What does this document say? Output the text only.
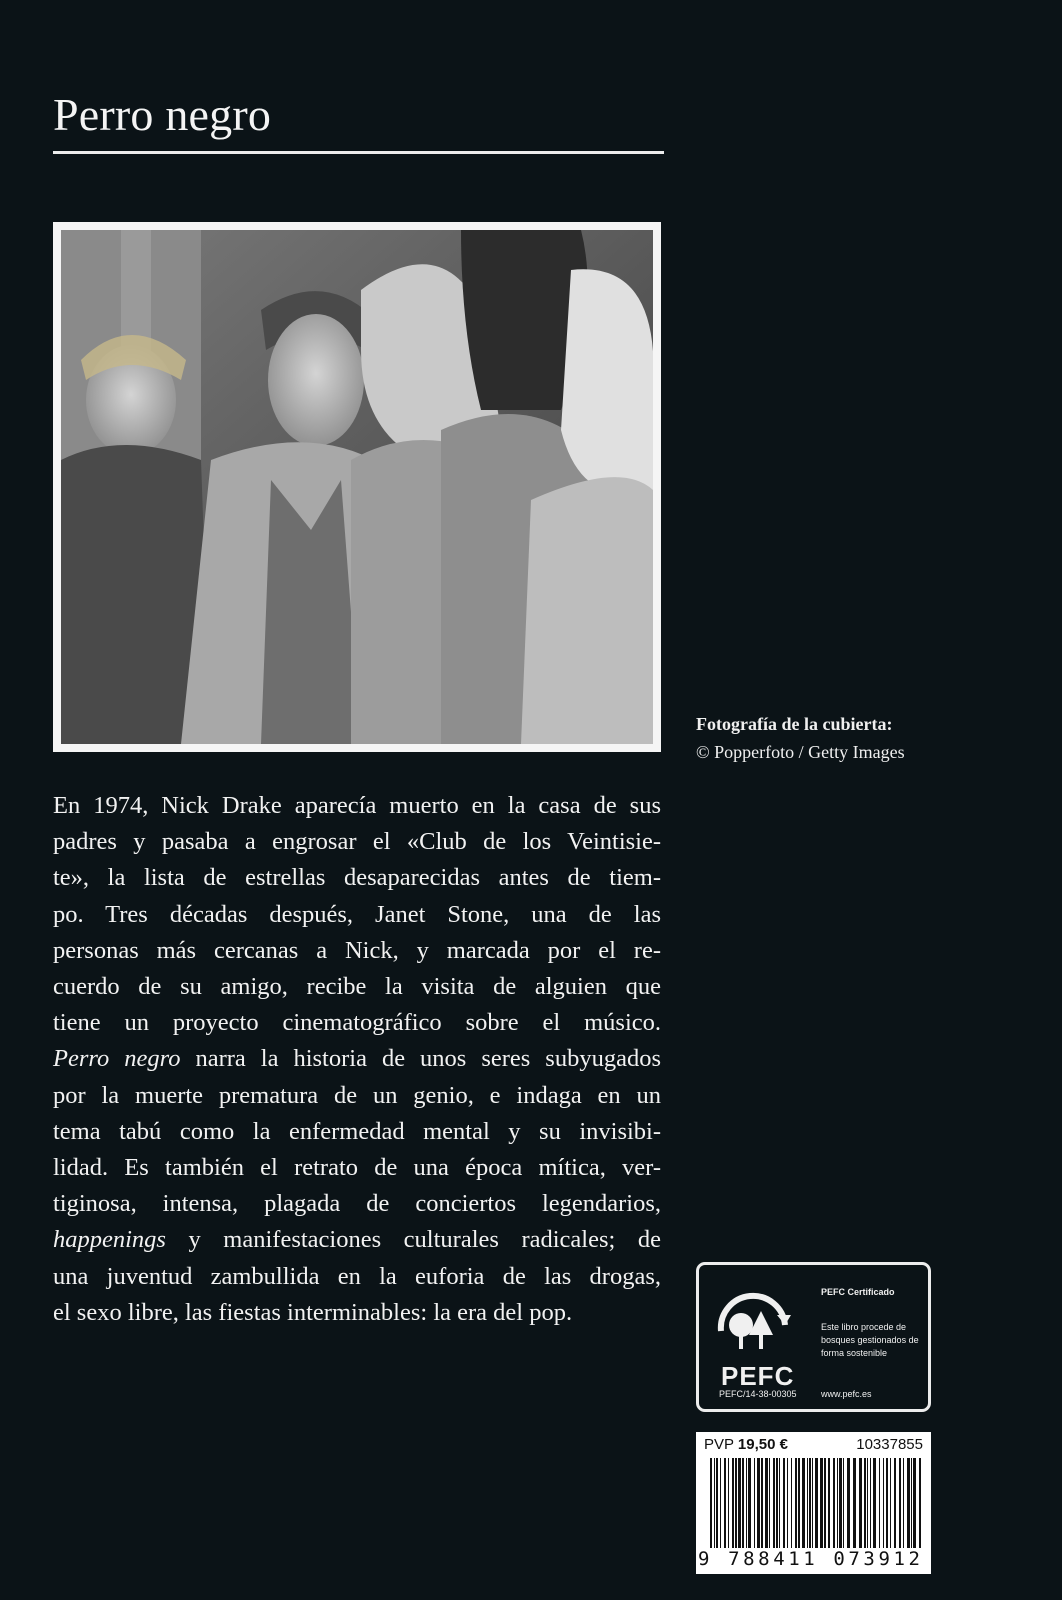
Perro negro
Fotografía de la cubierta:
© Popperfoto / Getty Images
En 1974, Nick Drake aparecía muerto en la casa de sus
padres y pasaba a engrosar el «Club de los Veintisie-
te», la lista de estrellas desaparecidas antes de tiem-
po. Tres décadas después, Janet Stone, una de las
personas más cercanas a Nick, y marcada por el re-
cuerdo de su amigo, recibe la visita de alguien que
tiene un proyecto cinematográfico sobre el músico.
Perro negro narra la historia de unos seres subyugados
por la muerte prematura de un genio, e indaga en un
tema tabú como la enfermedad mental y su invisibi-
lidad. Es también el retrato de una época mítica, ver-
tiginosa, intensa, plagada de conciertos legendarios,
happenings y manifestaciones culturales radicales; de
una juventud zambullida en la euforia de las drogas,
el sexo libre, las fiestas interminables: la era del pop.
PEFC
PEFC/14-38-00305
PEFC Certificado
Este libro procede de bosques gestionados de forma sostenible
www.pefc.es
PVP 19,50 €	10337855
9 788411 073912
